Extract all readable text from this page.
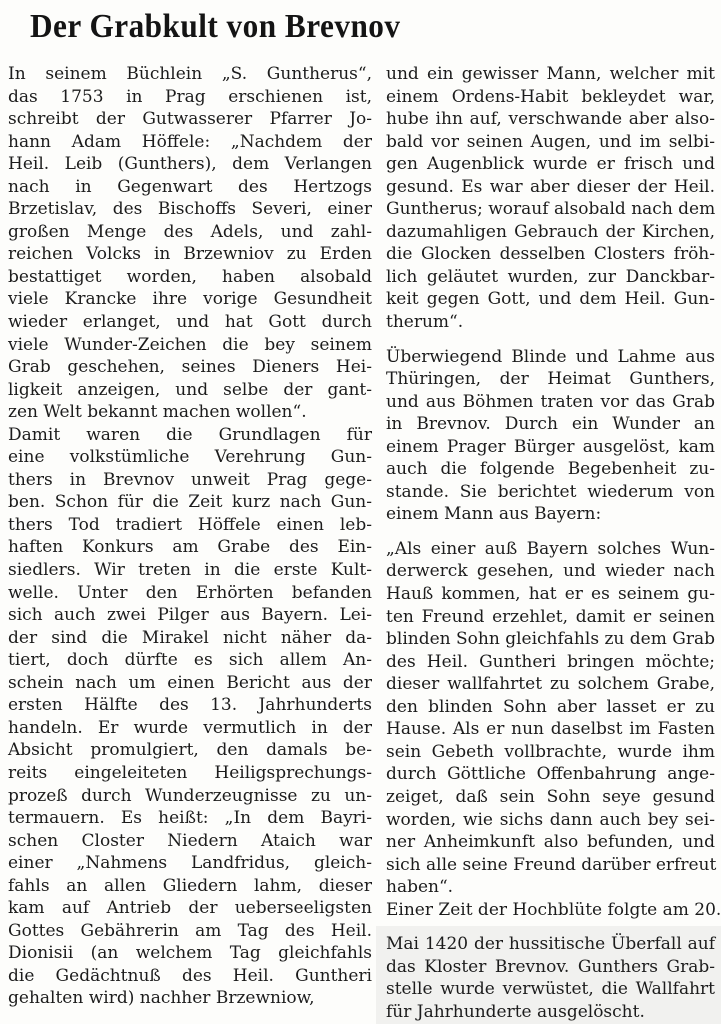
Der Grabkult von Brevnov
In seinem Büchlein „S. Guntherus“,
das 1753 in Prag erschienen ist,
schreibt der Gutwasserer Pfarrer Jo-
hann Adam Höffele: „Nachdem der
Heil. Leib (Gunthers), dem Verlangen
nach in Gegenwart des Hertzogs
Brzetislav, des Bischoffs Severi, einer
großen Menge des Adels, und zahl-
reichen Volcks in Brzewniov zu Erden
bestattiget worden, haben alsobald
viele Krancke ihre vorige Gesundheit
wieder erlanget, und hat Gott durch
viele Wunder-Zeichen die bey seinem
Grab geschehen, seines Dieners Hei-
ligkeit anzeigen, und selbe der gant-
zen Welt bekannt machen wollen“.
Damit waren die Grundlagen für
eine volkstümliche Verehrung Gun-
thers in Brevnov unweit Prag gege-
ben. Schon für die Zeit kurz nach Gun-
thers Tod tradiert Höffele einen leb-
haften Konkurs am Grabe des Ein-
siedlers. Wir treten in die erste Kult-
welle. Unter den Erhörten befanden
sich auch zwei Pilger aus Bayern. Lei-
der sind die Mirakel nicht näher da-
tiert, doch dürfte es sich allem An-
schein nach um einen Bericht aus der
ersten Hälfte des 13. Jahrhunderts
handeln. Er wurde vermutlich in der
Absicht promulgiert, den damals be-
reits eingeleiteten Heiligsprechungs-
prozeß durch Wunderzeugnisse zu un-
termauern. Es heißt: „In dem Bayri-
schen Closter Niedern Ataich war
einer „Nahmens Landfridus, gleich-
fahls an allen Gliedern lahm, dieser
kam auf Antrieb der ueberseeligsten
Gottes Gebährerin am Tag des Heil.
Dionisii (an welchem Tag gleichfahls
die Gedächtnuß des Heil. Guntheri
gehalten wird) nachher Brzewniow,
und ein gewisser Mann, welcher mit
einem Ordens-Habit bekleydet war,
hube ihn auf, verschwande aber also-
bald vor seinen Augen, und im selbi-
gen Augenblick wurde er frisch und
gesund. Es war aber dieser der Heil.
Guntherus; worauf alsobald nach dem
dazumahligen Gebrauch der Kirchen,
die Glocken desselben Closters fröh-
lich geläutet wurden, zur Danckbar-
keit gegen Gott, und dem Heil. Gun-
therum“.
Überwiegend Blinde und Lahme aus
Thüringen, der Heimat Gunthers,
und aus Böhmen traten vor das Grab
in Brevnov. Durch ein Wunder an
einem Prager Bürger ausgelöst, kam
auch die folgende Begebenheit zu-
stande. Sie berichtet wiederum von
einem Mann aus Bayern:
„Als einer auß Bayern solches Wun-
derwerck gesehen, und wieder nach
Hauß kommen, hat er es seinem gu-
ten Freund erzehlet, damit er seinen
blinden Sohn gleichfahls zu dem Grab
des Heil. Guntheri bringen möchte;
dieser wallfahrtet zu solchem Grabe,
den blinden Sohn aber lasset er zu
Hause. Als er nun daselbst im Fasten
sein Gebeth vollbrachte, wurde ihm
durch Göttliche Offenbahrung ange-
zeiget, daß sein Sohn seye gesund
worden, wie sichs dann auch bey sei-
ner Anheimkunft also befunden, und
sich alle seine Freund darüber erfreut
haben“.
Einer Zeit der Hochblüte folgte am 20.
Mai 1420 der hussitische Überfall auf
das Kloster Brevnov. Gunthers Grab-
stelle wurde verwüstet, die Wallfahrt
für Jahrhunderte ausgelöscht.
